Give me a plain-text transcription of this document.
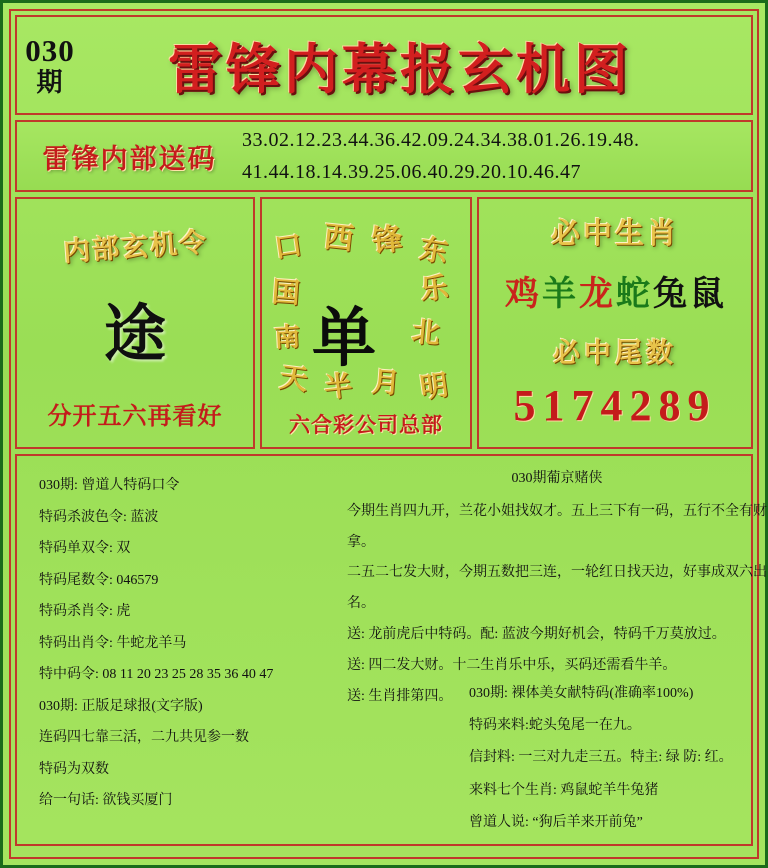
030
期	雷锋内幕报玄机图
雷锋内部送码
33.02.12.23.44.36.42.09.24.34.38.01.26.19.48.
41.44.18.14.39.25.06.40.29.20.10.46.47
内部玄机令
途
分开五六再看好
口 西 锋 东
国	乐
北
南
天 半 月 明
单
六合彩公司总部
必中生肖
鸡羊龙蛇兔鼠
必中尾数
5174289
030期: 曾道人特码口令
特码杀波色令: 蓝波
特码单双令: 双
特码尾数令: 046579
特码杀肖令: 虎
特码出肖令: 牛蛇龙羊马
特中码令: 08 11 20 23 25 28 35 36 40 47
030期: 正版足球报(文字版)
连码四七靠三活，二九共见参一数
特码为双数
给一句话: 欲钱买厦门
030期葡京赌侠
今期生肖四九开，兰花小姐找奴才。五上三下有一码，五行不全有财拿。
二五二七发大财，今期五数把三连，一轮红日找天边，好事成双六出名。
送: 龙前虎后中特码。配: 蓝波今期好机会，特码千万莫放过。
送: 四二发大财。十二生肖乐中乐，买码还需看牛羊。
送: 生肖排第四。	030期: 裸体美女献特码(准确率100%)
特码来料:蛇头兔尾一在九。
信封料: 一三对九走三五。特主: 绿 防: 红。
来料七个生肖: 鸡鼠蛇羊牛兔猪
曾道人说: “狗后羊来开前兔”
